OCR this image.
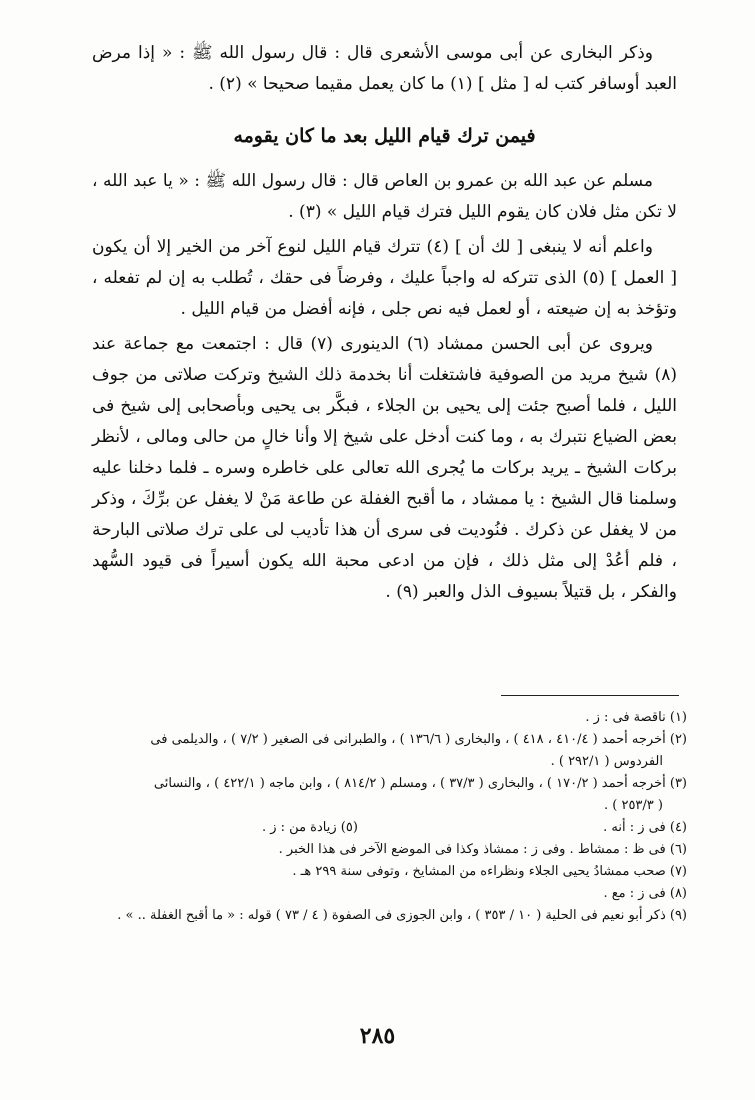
وذكر البخارى عن أبى موسى الأشعرى قال : قال رسول الله ﷺ : « إذا مرض العبد أوسافر كتب له [ مثل ] (١) ما كان يعمل مقيما صحيحا » (٢) .

فيمن ترك قيام الليل بعد ما كان يقومه

مسلم عن عبد الله بن عمرو بن العاص قال : قال رسول الله ﷺ : « يا عبد الله ، لا تكن مثل فلان كان يقوم الليل فترك قيام الليل » (٣) .

واعلم أنه لا ينبغى [ لك أن ] (٤) تترك قيام الليل لنوع آخر من الخير إلا أن يكون [ العمل ] (٥) الذى تتركه له واجباً عليك ، وفرضاً فى حقك ، تُطلب به إن لم تفعله ، وتؤخذ به إن ضيعته ، أو لعمل فيه نص جلى ، فإنه أفضل من قيام الليل .

ويروى عن أبى الحسن ممشاد (٦) الدينورى (٧) قال : اجتمعت مع جماعة عند (٨) شيخ مريد من الصوفية فاشتغلت أنا بخدمة ذلك الشيخ وتركت صلاتى من جوف الليل ، فلما أصبح جئت إلى يحيى بن الجلاء ، فبكَّر بى يحيى وبأصحابى إلى شيخ فى بعض الضياع نتبرك به ، وما كنت أدخل على شيخ إلا وأنا خالٍ من حالى ومالى ، لأنظر بركات الشيخ ـ يريد بركات ما يُجرى الله تعالى على خاطره وسره ـ فلما دخلنا عليه وسلمنا قال الشيخ : يا ممشاد ، ما أقبح الغفلة عن طاعة مَنْ لا يغفل عن برِّكَ ، وذكر من لا يغفل عن ذكرك . فنُوديت فى سرى أن هذا تأديب لى على ترك صلاتى البارحة ، فلم أعُدْ إلى مثل ذلك ، فإن من ادعى محبة الله يكون أسيراً فى قيود السُّهد والفكر ، بل قتيلاً بسيوف الذل والعبر (٩) .

(١) ناقصة فى : ز .

(٢) أخرجه أحمد ( ٤١٠/٤ ، ٤١٨ ) ، والبخارى ( ١٣٦/٦ ) ، والطبرانى فى الصغير ( ٧/٢ ) ، والديلمى فى

الفردوس ( ٢٩٢/١ ) .

(٣) أخرجه أحمد ( ١٧٠/٢ ) ، والبخارى ( ٣٧/٣ ) ، ومسلم ( ٨١٤/٢ ) ، وابن ماجه ( ٤٢٢/١ ) ، والنسائى

( ٢٥٣/٣ ) .

(٤) فى ز : أنه .
(٥) زيادة من : ز .

(٦) فى ظ : ممشاط . وفى ز : ممشاذ وكذا فى الموضع الآخر فى هذا الخبر .

(٧) صحب ممشادُ يحيى الجلاء ونظراءه من المشايخ ، وتوفى سنة ٢٩٩ هـ .

(٨) فى ز : مع .

(٩) ذكر أبو نعيم فى الحلية ( ١٠ / ٣٥٣ ) ، وابن الجوزى فى الصفوة ( ٤ / ٧٣ ) قوله : « ما أقبح الغفلة .. » .

٢٨٥
